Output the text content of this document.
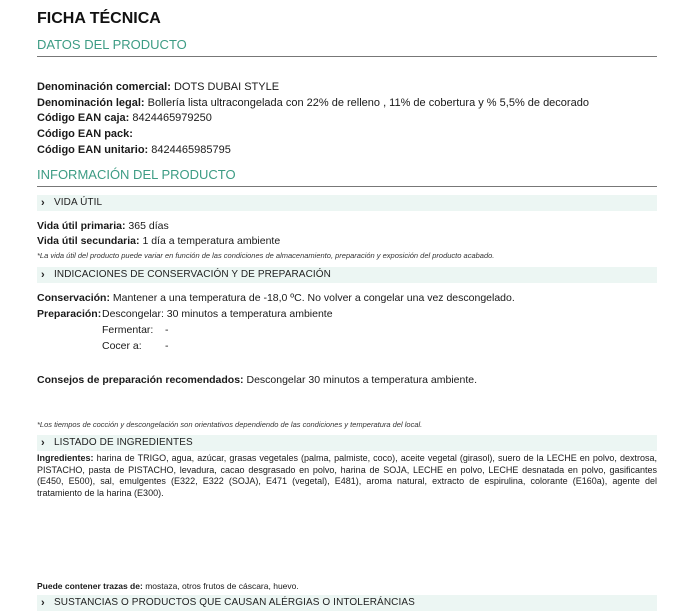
FICHA TÉCNICA
DATOS DEL PRODUCTO
Denominación comercial: DOTS DUBAI STYLE
Denominación legal: Bollería lista ultracongelada con 22% de relleno , 11% de cobertura y % 5,5% de decorado
Código EAN caja: 8424465979250
Código EAN pack:
Código EAN unitario: 8424465985795
INFORMACIÓN DEL PRODUCTO
› VIDA ÚTIL
Vida útil primaria: 365 días
Vida útil secundaria: 1 día a temperatura ambiente
*La vida útil del producto puede variar en función de las condiciones de almacenamiento, preparación y exposición del producto acabado.
› INDICACIONES DE CONSERVACIÓN Y DE PREPARACIÓN
Conservación: Mantener a una temperatura de -18,0 ºC. No volver a congelar una vez descongelado.
Preparación: Descongelar: 30 minutos a temperatura ambiente
Fermentar: -
Cocer a: -
Consejos de preparación recomendados: Descongelar 30 minutos a temperatura ambiente.
*Los tiempos de cocción y descongelación son orientativos dependiendo de las condiciones y temperatura del local.
› LISTADO DE INGREDIENTES
Ingredientes: harina de TRIGO, agua, azúcar, grasas vegetales (palma, palmiste, coco), aceite vegetal (girasol), suero de la LECHE en polvo, dextrosa, PISTACHO, pasta de PISTACHO, levadura, cacao desgrasado en polvo, harina de SOJA, LECHE en polvo, LECHE desnatada en polvo, gasificantes (E450, E500), sal, emulgentes (E322, E322 (SOJA), E471 (vegetal), E481), aroma natural, extracto de espirulina, colorante (E160a), agente del tratamiento de la harina (E300).
Puede contener trazas de: mostaza, otros frutos de cáscara, huevo.
› SUSTANCIAS O PRODUCTOS QUE CAUSAN ALÉRGIAS O INTOLERÁNCIAS
